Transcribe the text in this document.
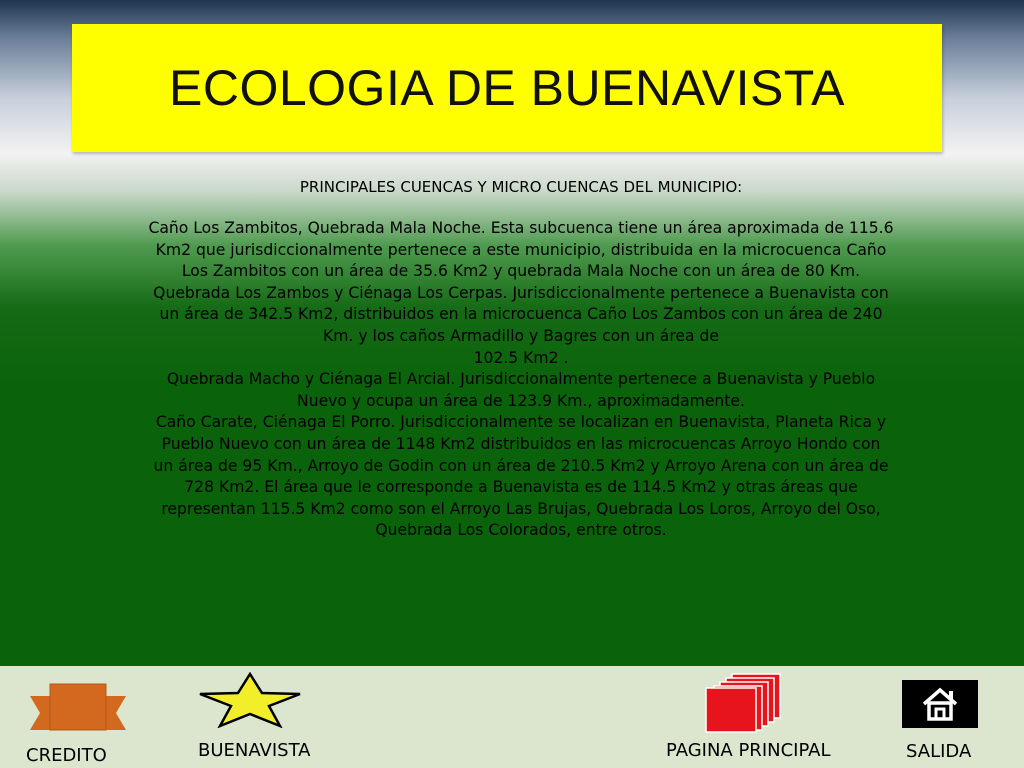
ECOLOGIA DE BUENAVISTA

PRINCIPALES CUENCAS Y MICRO CUENCAS DEL MUNICIPIO:

Caño Los Zambitos, Quebrada Mala Noche. Esta subcuenca tiene un área aproximada de 115.6
Km2 que jurisdiccionalmente pertenece a este municipio, distribuida en la microcuenca Caño
Los Zambitos con un área de 35.6 Km2 y quebrada Mala Noche con un área de 80 Km.
Quebrada Los Zambos y Ciénaga Los Cerpas. Jurisdiccionalmente pertenece a Buenavista con
un área de 342.5 Km2, distribuidos en la microcuenca Caño Los Zambos con un área de 240
Km. y los caños Armadillo y Bagres con un área de
102.5 Km2 .
Quebrada Macho y Ciénaga El Arcial. Jurisdiccionalmente pertenece a Buenavista y Pueblo
Nuevo y ocupa un área de 123.9 Km., aproximadamente.
Caño Carate, Ciénaga El Porro. Jurisdiccionalmente se localizan en Buenavista, Planeta Rica y
Pueblo Nuevo con un área de 1148 Km2 distribuidos en las microcuencas Arroyo Hondo con
un área de 95 Km., Arroyo de Godin con un área de 210.5 Km2 y Arroyo Arena con un área de
728 Km2. El área que le corresponde a Buenavista es de 114.5 Km2 y otras áreas que
representan 115.5 Km2 como son el Arroyo Las Brujas, Quebrada Los Loros, Arroyo del Oso,
Quebrada Los Colorados, entre otros.

CREDITO	BUENAVISTA	PAGINA PRINCIPAL	SALIDA
